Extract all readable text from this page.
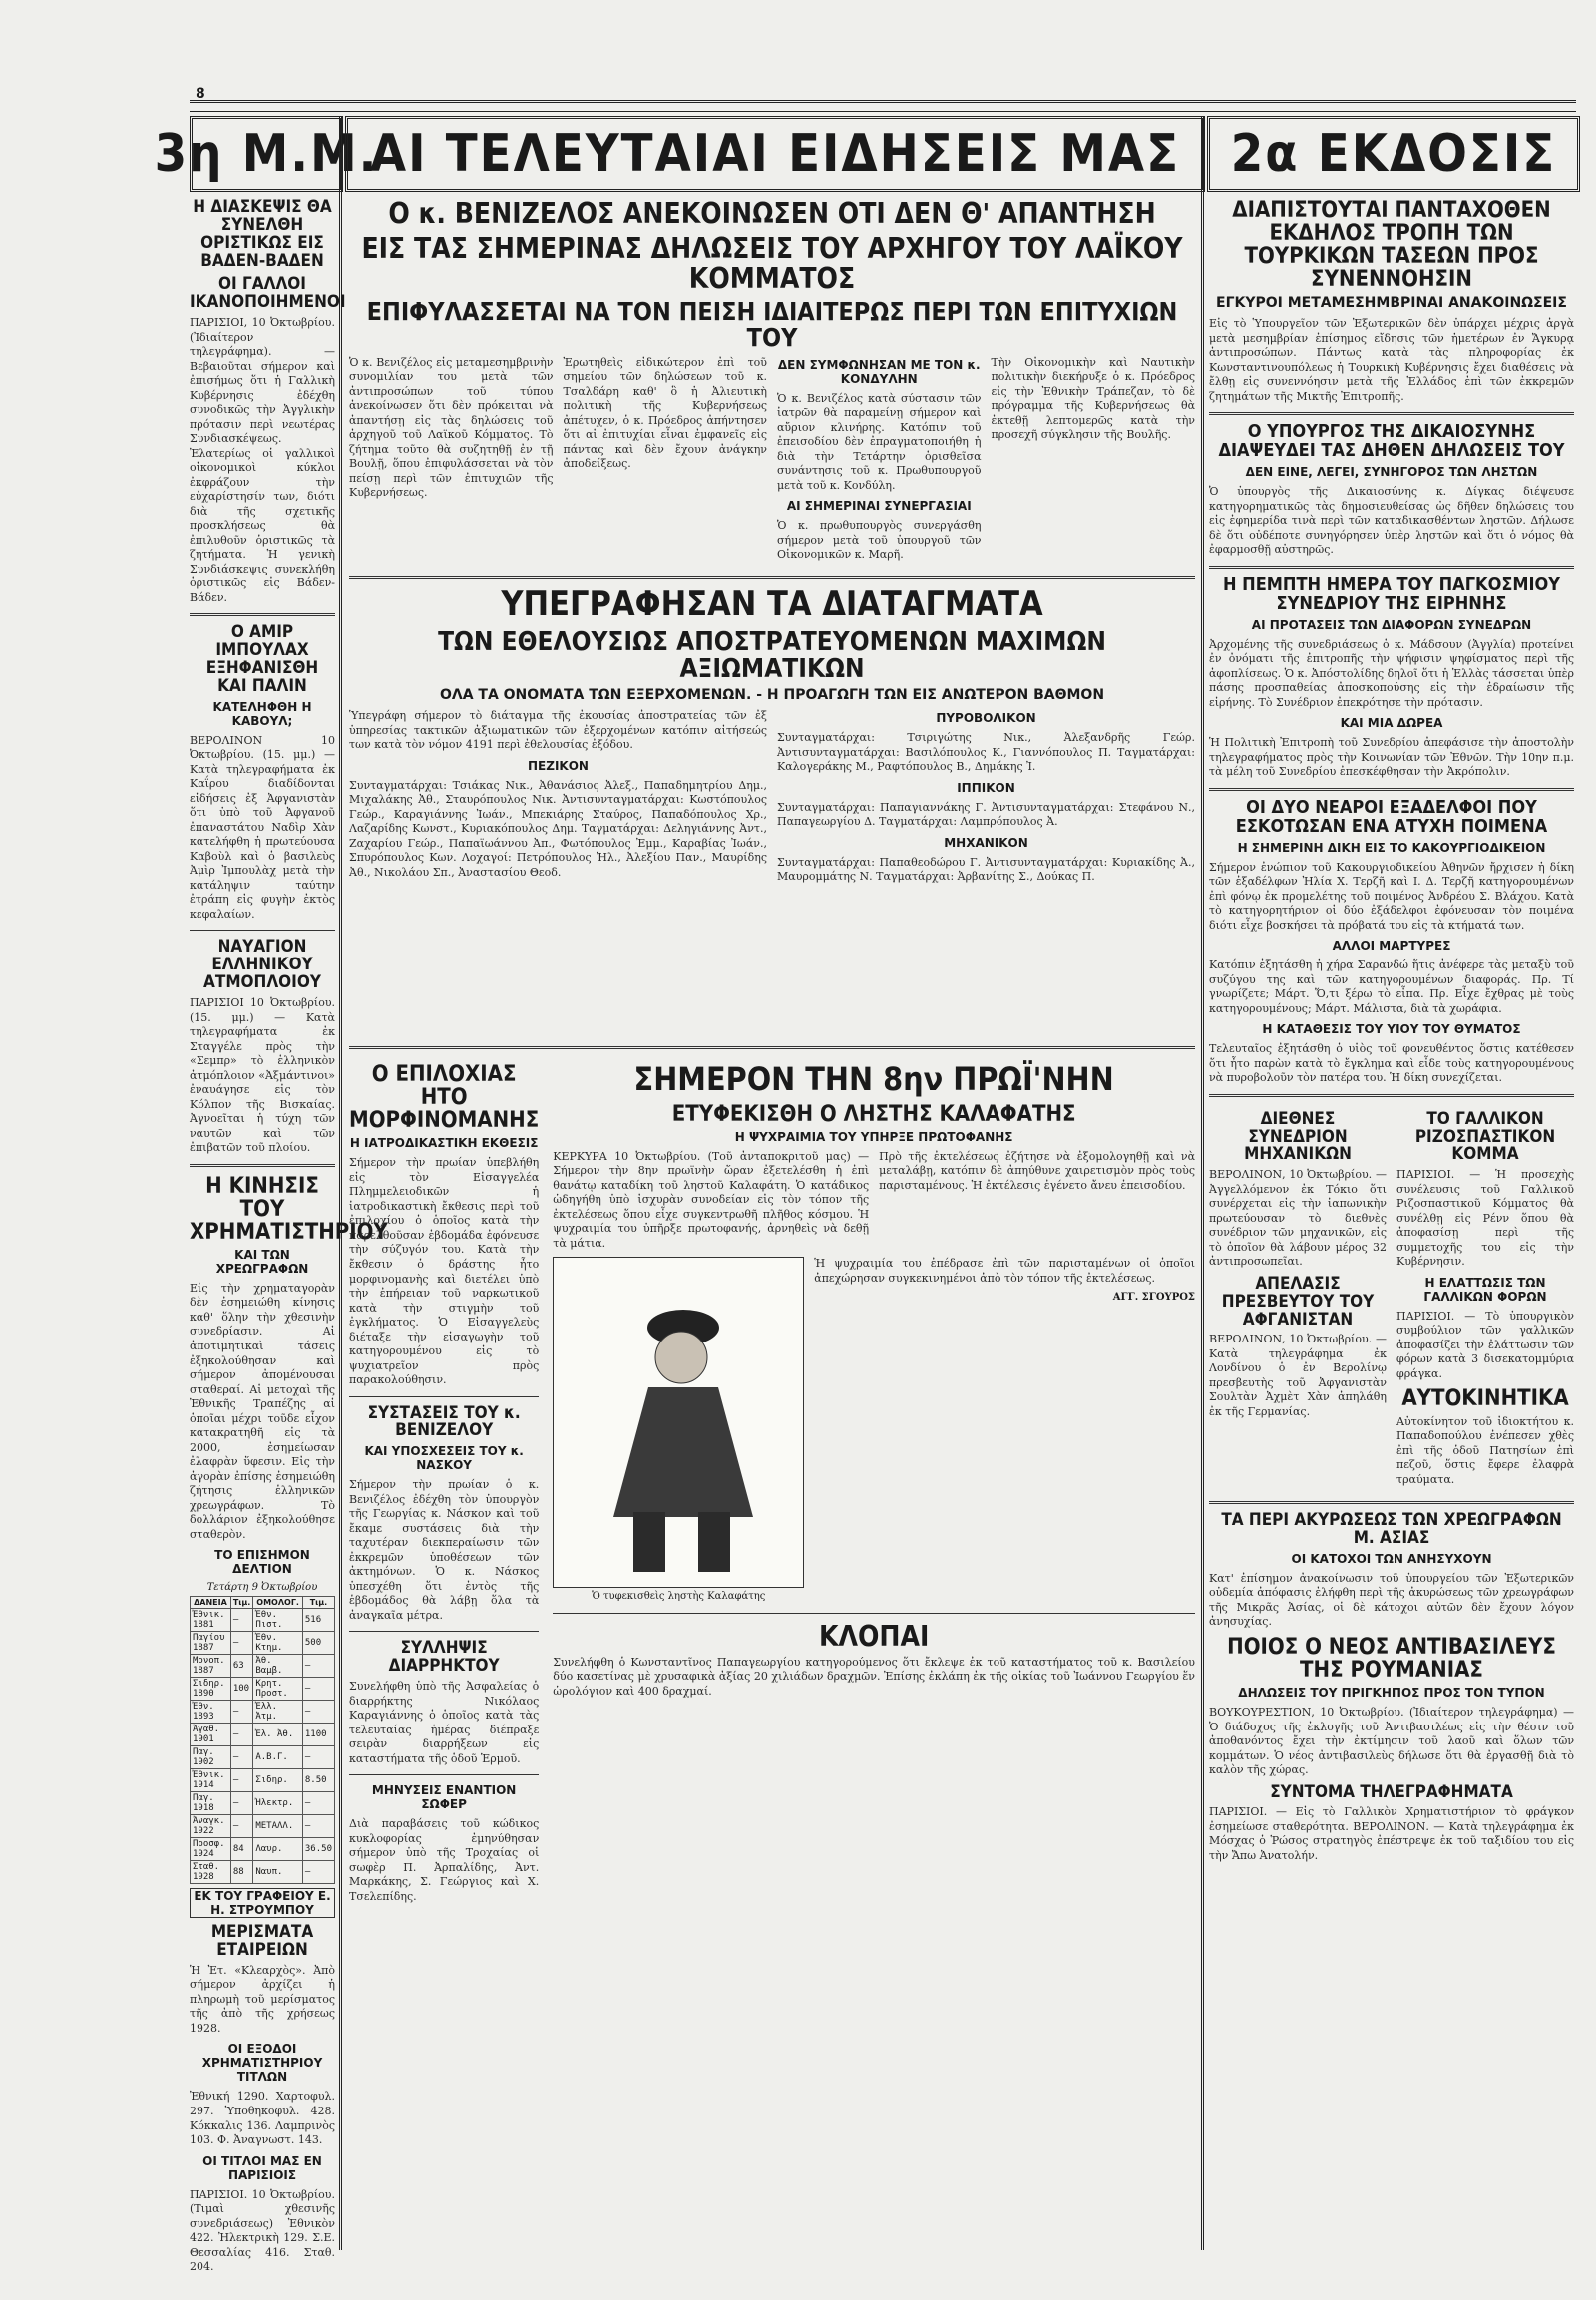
8
3η Μ.Μ.
ΑΙ ΤΕΛΕΥΤΑΙΑΙ ΕΙΔΗΣΕΙΣ ΜΑΣ 2α ΕΚΔΟΣΙΣ
Η ΔΙΑΣΚΕΨΙΣ ΘΑ ΣΥΝΕΛΘΗ ΟΡΙΣΤΙΚΩΣ ΕΙΣ ΒΑΔΕΝ-ΒΑΔΕΝ
ΟΙ ΓΑΛΛΟΙ ΙΚΑΝΟΠΟΙΗΜΕΝΟΙ

ΠΑΡΙΣΙΟΙ, 10 Ὀκτωβρίου. (Ἰδιαίτερον τηλεγράφημα). — Βεβαιοῦται σήμερον καὶ ἐπισήμως ὅτι ἡ Γαλλικὴ Κυβέρνησις ἐδέχθη συνοδικῶς τὴν Ἀγγλικὴν πρότασιν περὶ νεωτέρας Συνδιασκέψεως. Ἐλατερίως οἱ γαλλικοὶ οἰκονομικοὶ κύκλοι ἐκφράζουν τὴν εὐχαρίστησίν των, διότι διὰ τῆς σχετικῆς προσκλήσεως θὰ ἐπιλυθοῦν ὁριστικῶς τὰ ζητήματα. Ἡ γενικὴ Συνδιάσκεψις συνεκλήθη ὁριστικῶς εἰς Βάδεν-Βάδεν.

Ο ΑΜΙΡ ΙΜΠΟΥΛΑΧ ΕΞΗΦΑΝΙΣΘΗ ΚΑΙ ΠΑΛΙΝ
ΚΑΤΕΛΗΦΘΗ Η ΚΑΒΟΥΛ;

ΒΕΡΟΛΙΝΟΝ 10 Ὀκτωβρίου. (15. μμ.) — Κατὰ τηλεγραφήματα ἐκ Καΐρου διαδίδονται εἰδήσεις ἐξ Ἀφγανιστὰν ὅτι ὑπὸ τοῦ Ἀφγανοῦ ἐπαναστάτου Ναδὶρ Χὰν κατελήφθη ἡ πρωτεύουσα Καβοὺλ καὶ ὁ βασιλεὺς Ἀμὶρ Ἰμπουλὰχ μετὰ τὴν κατάληψιν ταύτην ἐτράπη εἰς φυγὴν ἐκτὸς κεφαλαίων.

ΝΑΥΑΓΙΟΝ ΕΛΛΗΝΙΚΟΥ ΑΤΜΟΠΛΟΙΟΥ

ΠΑΡΙΣΙΟΙ 10 Ὀκτωβρίου. (15. μμ.) — Κατὰ τηλεγραφήματα ἐκ Σταγγέλε πρὸς τὴν «Σεμπρ» τὸ ἑλληνικὸν ἀτμόπλοιον «Ἀξμάντινοι» ἐναυάγησε εἰς τὸν Κόλπον τῆς Βισκαίας. Ἀγνοεῖται ἡ τύχη τῶν ναυτῶν καὶ τῶν ἐπιβατῶν τοῦ πλοίου.

Η ΚΙΝΗΣΙΣ ΤΟΥ ΧΡΗΜΑΤΙΣΤΗΡΙΟΥ
ΚΑΙ ΤΩΝ ΧΡΕΩΓΡΑΦΩΝ

Εἰς τὴν χρηματαγορὰν δὲν ἐσημειώθη κίνησις καθ' ὅλην τὴν χθεσινὴν συνεδρίασιν. Αἱ ἀποτιμητικαὶ τάσεις ἐξηκολούθησαν καὶ σήμερον ἀπομένουσαι σταθεραί. Αἱ μετοχαὶ τῆς Ἐθνικῆς Τραπέζης αἱ ὁποῖαι μέχρι τοῦδε εἶχον κατακρατηθῆ εἰς τὰ 2000, ἐσημείωσαν ἐλαφρὰν ὕφεσιν. Εἰς τὴν ἀγορὰν ἐπίσης ἐσημειώθη ζήτησις ἑλληνικῶν χρεωγράφων. Τὸ δολλάριον ἐξηκολούθησε σταθερὸν.

ΤΟ ΕΠΙΣΗΜΟΝ ΔΕΛΤΙΟΝ
Τετάρτη 9 Ὀκτωβρίου
ΔΑΝΕΙΑ	Τιμ.	ΟΜΟΛΟΓ.	Τιμ.
Ἐθνικ. 1881	—	Ἐθν. Πιστ.	516
Παγίου 1887	—	Ἐθν. Κτημ.	500
Μονοπ. 1887	63	Ἀθ. Βαμβ.	—
Σιδηρ. 1890	100	Κρητ. Προστ.	—
Ἐθν. 1893	—	Ἐλλ. Ἀτμ.	—
Ἀγαθ. 1901	—	Ἐλ. Ἀθ.	1100
Παγ. 1902	—	Α.Β.Γ.	—
Ἐθνικ. 1914	—	Σιδηρ.	8.50
Παγ. 1918	—	Ἠλεκτρ.	—
Ἀναγκ. 1922	—	ΜΕΤΑΛΛ.	—
Προσφ. 1924	84	Λαυρ.	36.50
Σταθ. 1928	88	Ναυπ.	—
ΕΚ ΤΟΥ ΓΡΑΦΕΙΟΥ Ε. Η. ΣΤΡΟΥΜΠΟΥ
ΜΕΡΙΣΜΑΤΑ ΕΤΑΙΡΕΙΩΝ

Ἡ Ἐτ. «Κλεαρχὸς». Ἀπὸ σήμερον ἀρχίζει ἡ πληρωμὴ τοῦ μερίσματος τῆς ἀπὸ τῆς χρήσεως 1928.

ΟΙ ΕΞΟΔΟΙ ΧΡΗΜΑΤΙΣΤΗΡΙΟΥ ΤΙΤΛΩΝ

Ἐθνική 1290. Χαρτοφυλ. 297. Ὑποθηκοφυλ. 428. Κόκκαλις 136. Λαμπρινὸς 103. Φ. Ἀναγνωστ. 143.

ΟΙ ΤΙΤΛΟΙ ΜΑΣ ΕΝ ΠΑΡΙΣΙΟΙΣ

ΠΑΡΙΣΙΟΙ. 10 Ὀκτωβρίου. (Τιμαὶ χθεσινῆς συνεδριάσεως) Ἐθνικὸν 422. Ἠλεκτρικὴ 129. Σ.Ε. Θεσσαλίας 416. Σταθ. 204.

Ο κ. ΒΕΝΙΖΕΛΟΣ ΑΝΕΚΟΙΝΩΣΕΝ ΟΤΙ ΔΕΝ Θ' ΑΠΑΝΤΗΣΗ
ΕΙΣ ΤΑΣ ΣΗΜΕΡΙΝΑΣ ΔΗΛΩΣΕΙΣ ΤΟΥ ΑΡΧΗΓΟΥ ΤΟΥ ΛΑΪΚΟΥ ΚΟΜΜΑΤΟΣ
ΕΠΙΦΥΛΑΣΣΕΤΑΙ ΝΑ ΤΟΝ ΠΕΙΣΗ ΙΔΙΑΙΤΕΡΩΣ ΠΕΡΙ ΤΩΝ ΕΠΙΤΥΧΙΩΝ ΤΟΥ

Ὁ κ. Βενιζέλος εἰς μεταμεσημβρινὴν συνομιλίαν του μετὰ τῶν ἀντιπροσώπων τοῦ τύπου ἀνεκοίνωσεν ὅτι δὲν πρόκειται νὰ ἀπαντήσῃ εἰς τὰς δηλώσεις τοῦ ἀρχηγοῦ τοῦ Λαϊκοῦ Κόμματος. Τὸ ζήτημα τοῦτο θὰ συζητηθῇ ἐν τῇ Βουλῇ, ὅπου ἐπιφυλάσσεται νὰ τὸν πείσῃ περὶ τῶν ἐπιτυχιῶν τῆς Κυβερνήσεως.

Ἐρωτηθεὶς εἰδικώτερον ἐπὶ τοῦ σημείου τῶν δηλώσεων τοῦ κ. Τσαλδάρη καθ' ὃ ἡ Ἀλιευτικὴ πολιτικὴ τῆς Κυβερνήσεως ἀπέτυχεν, ὁ κ. Πρόεδρος ἀπήντησεν ὅτι αἱ ἐπιτυχίαι εἶναι ἐμφανεῖς εἰς πάντας καὶ δὲν ἔχουν ἀνάγκην ἀποδείξεως.

ΔΕΝ ΣΥΜΦΩΝΗΣΑΝ ΜΕ ΤΟΝ κ. ΚΟΝΔΥΛΗΝ

Ὁ κ. Βενιζέλος κατὰ σύστασιν τῶν ἰατρῶν θὰ παραμείνῃ σήμερον καὶ αὔριον κλινήρης. Κατόπιν τοῦ ἐπεισοδίου δὲν ἐπραγματοποιήθη ἡ διὰ τὴν Τετάρτην ὁρισθεῖσα συνάντησις τοῦ κ. Πρωθυπουργοῦ μετὰ τοῦ κ. Κονδύλη.

ΑΙ ΣΗΜΕΡΙΝΑΙ ΣΥΝΕΡΓΑΣΙΑΙ

Ὁ κ. πρωθυπουργὸς συνεργάσθη σήμερον μετὰ τοῦ ὑπουργοῦ τῶν Οἰκονομικῶν κ. Μαρῆ.

Τὴν Οἰκονομικὴν καὶ Ναυτικὴν πολιτικὴν διεκήρυξε ὁ κ. Πρόεδρος εἰς τὴν Ἐθνικὴν Τράπεζαν, τὸ δὲ πρόγραμμα τῆς Κυβερνήσεως θὰ ἐκτεθῇ λεπτομερῶς κατὰ τὴν προσεχῆ σύγκλησιν τῆς Βουλῆς.

ΥΠΕΓΡΑΦΗΣΑΝ ΤΑ ΔΙΑΤΑΓΜΑΤΑ
ΤΩΝ ΕΘΕΛΟΥΣΙΩΣ ΑΠΟΣΤΡΑΤΕΥΟΜΕΝΩΝ ΜΑΧΙΜΩΝ ΑΞΙΩΜΑΤΙΚΩΝ
ΟΛΑ ΤΑ ΟΝΟΜΑΤΑ ΤΩΝ ΕΞΕΡΧΟΜΕΝΩΝ. - Η ΠΡΟΑΓΩΓΗ ΤΩΝ ΕΙΣ ΑΝΩΤΕΡΟΝ ΒΑΘΜΟΝ

Ὑπεγράφη σήμερον τὸ διάταγμα τῆς ἐκουσίας ἀποστρατείας τῶν ἐξ ὑπηρεσίας τακτικῶν ἀξιωματικῶν τῶν ἐξερχομένων κατόπιν αἰτήσεώς των κατὰ τὸν νόμον 4191 περὶ ἐθελουσίας ἐξόδου.

ΠΕΖΙΚΟΝ

Συνταγματάρχαι: Τσιάκας Νικ., Ἀθανάσιος Ἀλεξ., Παπαδημητρίου Δημ., Μιχαλάκης Ἀθ., Σταυρόπουλος Νικ. Ἀντισυνταγματάρχαι: Κωστόπουλος Γεώρ., Καραγιάννης Ἰωάν., Μπεκιάρης Σταύρος, Παπαδόπουλος Χρ., Λαζαρίδης Κωνστ., Κυριακόπουλος Δημ. Ταγματάρχαι: Δεληγιάννης Ἀντ., Ζαχαρίου Γεώρ., Παπαϊωάννου Ἀπ., Φωτόπουλος Ἐμμ., Καραβίας Ἰωάν., Σπυρόπουλος Κων. Λοχαγοί: Πετρόπουλος Ἠλ., Ἀλεξίου Παν., Μαυρίδης Ἀθ., Νικολάου Σπ., Ἀναστασίου Θεοδ.

ΠΥΡΟΒΟΛΙΚΟΝ

Συνταγματάρχαι: Τσιριγώτης Νικ., Ἀλεξανδρῆς Γεώρ. Ἀντισυνταγματάρχαι: Βασιλόπουλος Κ., Γιαννόπουλος Π. Ταγματάρχαι: Καλογεράκης Μ., Ραφτόπουλος Β., Δημάκης Ἰ.

ΙΠΠΙΚΟΝ

Συνταγματάρχαι: Παπαγιαννάκης Γ. Ἀντισυνταγματάρχαι: Στεφάνου Ν., Παπαγεωργίου Δ. Ταγματάρχαι: Λαμπρόπουλος Ἀ.

ΜΗΧΑΝΙΚΟΝ

Συνταγματάρχαι: Παπαθεοδώρου Γ. Ἀντισυνταγματάρχαι: Κυριακίδης Ἀ., Μαυρομμάτης Ν. Ταγματάρχαι: Ἀρβανίτης Σ., Δούκας Π.

Ο ΕΠΙΛΟΧΙΑΣ ΗΤΟ ΜΟΡΦΙΝΟΜΑΝΗΣ
Η ΙΑΤΡΟΔΙΚΑΣΤΙΚΗ ΕΚΘΕΣΙΣ

Σήμερον τὴν πρωίαν ὑπεβλήθη εἰς τὸν Εἰσαγγελέα Πλημμελειοδικῶν ἡ ἰατροδικαστικὴ ἔκθεσις περὶ τοῦ ἐπιλοχίου ὁ ὁποῖος κατὰ τὴν παρελθοῦσαν ἑβδομάδα ἐφόνευσε τὴν σύζυγόν του. Κατὰ τὴν ἔκθεσιν ὁ δράστης ἦτο μορφινομανὴς καὶ διετέλει ὑπὸ τὴν ἐπήρειαν τοῦ ναρκωτικοῦ κατὰ τὴν στιγμὴν τοῦ ἐγκλήματος. Ὁ Εἰσαγγελεὺς διέταξε τὴν εἰσαγωγὴν τοῦ κατηγορουμένου εἰς τὸ ψυχιατρεῖον πρὸς παρακολούθησιν.

ΣΥΣΤΑΣΕΙΣ ΤΟΥ κ. ΒΕΝΙΖΕΛΟΥ
ΚΑΙ ΥΠΟΣΧΕΣΕΙΣ ΤΟΥ κ. ΝΑΣΚΟΥ

Σήμερον τὴν πρωίαν ὁ κ. Βενιζέλος ἐδέχθη τὸν ὑπουργὸν τῆς Γεωργίας κ. Νάσκον καὶ τοῦ ἔκαμε συστάσεις διὰ τὴν ταχυτέραν διεκπεραίωσιν τῶν ἐκκρεμῶν ὑποθέσεων τῶν ἀκτημόνων. Ὁ κ. Νάσκος ὑπεσχέθη ὅτι ἐντὸς τῆς ἑβδομάδος θὰ λάβῃ ὅλα τὰ ἀναγκαῖα μέτρα.

ΣΥΛΛΗΨΙΣ ΔΙΑΡΡΗΚΤΟΥ

Συνελήφθη ὑπὸ τῆς Ἀσφαλείας ὁ διαρρήκτης Νικόλαος Καραγιάννης ὁ ὁποῖος κατὰ τὰς τελευταίας ἡμέρας διέπραξε σειρὰν διαρρήξεων εἰς καταστήματα τῆς ὁδοῦ Ἑρμοῦ.

ΜΗΝΥΣΕΙΣ ΕΝΑΝΤΙΟΝ ΣΩΦΕΡ

Διὰ παραβάσεις τοῦ κώδικος κυκλοφορίας ἐμηνύθησαν σήμερον ὑπὸ τῆς Τροχαίας οἱ σωφὲρ Π. Ἀρπαλίδης, Ἀντ. Μαρκάκης, Σ. Γεώργιος καὶ Χ. Τσελεπίδης.

ΣΗΜΕΡΟΝ ΤΗΝ 8ην ΠΡΩΪ'ΝΗΝ
ΕΤΥΦΕΚΙΣΘΗ Ο ΛΗΣΤΗΣ ΚΑΛΑΦΑΤΗΣ
Η ΨΥΧΡΑΙΜΙΑ ΤΟΥ ΥΠΗΡΞΕ ΠΡΩΤΟΦΑΝΗΣ

ΚΕΡΚΥΡΑ 10 Ὀκτωβρίου. (Τοῦ ἀνταποκριτοῦ μας) — Σήμερον τὴν 8ην πρωϊνὴν ὥραν ἐξετελέσθη ἡ ἐπὶ θανάτῳ καταδίκη τοῦ ληστοῦ Καλαφάτη. Ὁ κατάδικος ὡδηγήθη ὑπὸ ἰσχυρὰν συνοδείαν εἰς τὸν τόπον τῆς ἐκτελέσεως ὅπου εἶχε συγκεντρωθῆ πλῆθος κόσμου. Ἡ ψυχραιμία του ὑπῆρξε πρωτοφανής, ἀρνηθεὶς νὰ δεθῇ τὰ μάτια.

Πρὸ τῆς ἐκτελέσεως ἐζήτησε νὰ ἐξομολογηθῇ καὶ νὰ μεταλάβῃ, κατόπιν δὲ ἀπηύθυνε χαιρετισμὸν πρὸς τοὺς παρισταμένους. Ἡ ἐκτέλεσις ἐγένετο ἄνευ ἐπεισοδίου.

Ὁ τυφεκισθεὶς ληστὴς Καλαφάτης

Ἡ ψυχραιμία του ἐπέδρασε ἐπὶ τῶν παρισταμένων οἱ ὁποῖοι ἀπεχώρησαν συγκεκινημένοι ἀπὸ τὸν τόπον τῆς ἐκτελέσεως.

ΑΓΓ. ΣΓΟΥΡΟΣ
ΚΛΟΠΑΙ

Συνελήφθη ὁ Κωνσταντῖνος Παπαγεωργίου κατηγορούμενος ὅτι ἔκλεψε ἐκ τοῦ καταστήματος τοῦ κ. Βασιλείου δύο κασετίνας μὲ χρυσαφικὰ ἀξίας 20 χιλιάδων δραχμῶν. Ἐπίσης ἐκλάπη ἐκ τῆς οἰκίας τοῦ Ἰωάννου Γεωργίου ἕν ὡρολόγιον καὶ 400 δραχμαί.

ΔΙΑΠΙΣΤΟΥΤΑΙ ΠΑΝΤΑΧΟΘΕΝ ΕΚΔΗΛΟΣ ΤΡΟΠΗ ΤΩΝ ΤΟΥΡΚΙΚΩΝ ΤΑΣΕΩΝ ΠΡΟΣ ΣΥΝΕΝΝΟΗΣΙΝ
ΕΓΚΥΡΟΙ ΜΕΤΑΜΕΣΗΜΒΡΙΝΑΙ ΑΝΑΚΟΙΝΩΣΕΙΣ

Εἰς τὸ Ὑπουργεῖον τῶν Ἐξωτερικῶν δὲν ὑπάρχει μέχρις ἀργὰ μετὰ μεσημβρίαν ἐπίσημος εἴδησις τῶν ἡμετέρων ἐν Ἄγκυρᾳ ἀντιπροσώπων. Πάντως κατὰ τὰς πληροφορίας ἐκ Κωνσταντινουπόλεως ἡ Τουρκικὴ Κυβέρνησις ἔχει διαθέσεις νὰ ἔλθῃ εἰς συνεννόησιν μετὰ τῆς Ἑλλάδος ἐπὶ τῶν ἐκκρεμῶν ζητημάτων τῆς Μικτῆς Ἐπιτροπῆς.

Ο ΥΠΟΥΡΓΟΣ ΤΗΣ ΔΙΚΑΙΟΣΥΝΗΣ ΔΙΑΨΕΥΔΕΙ ΤΑΣ ΔΗΘΕΝ ΔΗΛΩΣΕΙΣ ΤΟΥ
ΔΕΝ ΕΙΝΕ, ΛΕΓΕΙ, ΣΥΝΗΓΟΡΟΣ ΤΩΝ ΛΗΣΤΩΝ

Ὁ ὑπουργὸς τῆς Δικαιοσύνης κ. Δίγκας διέψευσε κατηγορηματικῶς τὰς δημοσιευθείσας ὡς δῆθεν δηλώσεις του εἰς ἐφημερίδα τινὰ περὶ τῶν καταδικασθέντων ληστῶν. Δήλωσε δὲ ὅτι οὐδέποτε συνηγόρησεν ὑπὲρ ληστῶν καὶ ὅτι ὁ νόμος θὰ ἐφαρμοσθῇ αὐστηρῶς.

Η ΠΕΜΠΤΗ ΗΜΕΡΑ ΤΟΥ ΠΑΓΚΟΣΜΙΟΥ ΣΥΝΕΔΡΙΟΥ ΤΗΣ ΕΙΡΗΝΗΣ
ΑΙ ΠΡΟΤΑΣΕΙΣ ΤΩΝ ΔΙΑΦΟΡΩΝ ΣΥΝΕΔΡΩΝ

Ἀρχομένης τῆς συνεδριάσεως ὁ κ. Μάδσουν (Ἀγγλία) προτείνει ἐν ὀνόματι τῆς ἐπιτροπῆς τὴν ψήφισιν ψηφίσματος περὶ τῆς ἀφοπλίσεως. Ὁ κ. Ἀπόστολίδης δηλοῖ ὅτι ἡ Ἑλλὰς τάσσεται ὑπὲρ πάσης προσπαθείας ἀποσκοπούσης εἰς τὴν ἐδραίωσιν τῆς εἰρήνης. Τὸ Συνέδριον ἐπεκρότησε τὴν πρότασιν.

ΚΑΙ ΜΙΑ ΔΩΡΕΑ

Ἡ Πολιτικὴ Ἐπιτροπὴ τοῦ Συνεδρίου ἀπεφάσισε τὴν ἀποστολὴν τηλεγραφήματος πρὸς τὴν Κοινωνίαν τῶν Ἐθνῶν. Τὴν 10ην π.μ. τὰ μέλη τοῦ Συνεδρίου ἐπεσκέφθησαν τὴν Ἀκρόπολιν.

ΟΙ ΔΥΟ ΝΕΑΡΟΙ ΕΞΑΔΕΛΦΟΙ ΠΟΥ ΕΣΚΟΤΩΣΑΝ ΕΝΑ ΑΤΥΧΗ ΠΟΙΜΕΝΑ
Η ΣΗΜΕΡΙΝΗ ΔΙΚΗ ΕΙΣ ΤΟ ΚΑΚΟΥΡΓΙΟΔΙΚΕΙΟΝ

Σήμερον ἐνώπιον τοῦ Κακουργιοδικείου Ἀθηνῶν ἤρχισεν ἡ δίκη τῶν ἐξαδέλφων Ἠλία Χ. Τερζῆ καὶ Ι. Δ. Τερζῆ κατηγορουμένων ἐπὶ φόνῳ ἐκ προμελέτης τοῦ ποιμένος Ἀνδρέου Σ. Βλάχου. Κατὰ τὸ κατηγορητήριον οἱ δύο ἐξάδελφοι ἐφόνευσαν τὸν ποιμένα διότι εἶχε βοσκήσει τὰ πρόβατά του εἰς τὰ κτήματά των.

ΑΛΛΟΙ ΜΑΡΤΥΡΕΣ

Κατόπιν ἐξητάσθη ἡ χήρα Σαρανδώ ἥτις ἀνέφερε τὰς μεταξὺ τοῦ συζύγου της καὶ τῶν κατηγορουμένων διαφοράς. Πρ. Τί γνωρίζετε; Μάρτ. Ὅ,τι ξέρω τὸ εἶπα. Πρ. Εἶχε ἔχθρας μὲ τοὺς κατηγορουμένους; Μάρτ. Μάλιστα, διὰ τὰ χωράφια.

Η ΚΑΤΑΘΕΣΙΣ ΤΟΥ ΥΙΟΥ ΤΟΥ ΘΥΜΑΤΟΣ

Τελευταῖος ἐξητάσθη ὁ υἱὸς τοῦ φονευθέντος ὅστις κατέθεσεν ὅτι ἦτο παρὼν κατὰ τὸ ἔγκλημα καὶ εἶδε τοὺς κατηγορουμένους νὰ πυροβολοῦν τὸν πατέρα του. Ἡ δίκη συνεχίζεται.

ΔΙΕΘΝΕΣ ΣΥΝΕΔΡΙΟΝ ΜΗΧΑΝΙΚΩΝ

ΒΕΡΟΛΙΝΟΝ, 10 Ὀκτωβρίου. — Ἀγγελλόμενον ἐκ Τόκιο ὅτι συνέρχεται εἰς τὴν ἰαπωνικὴν πρωτεύουσαν τὸ διεθνὲς συνέδριον τῶν μηχανικῶν, εἰς τὸ ὁποῖον θὰ λάβουν μέρος 32 ἀντιπροσωπεῖαι.

ΑΠΕΛΑΣΙΣ ΠΡΕΣΒΕΥΤΟΥ ΤΟΥ ΑΦΓΑΝΙΣΤΑΝ

ΒΕΡΟΛΙΝΟΝ, 10 Ὀκτωβρίου. — Κατὰ τηλεγράφημα ἐκ Λονδίνου ὁ ἐν Βερολίνῳ πρεσβευτὴς τοῦ Ἀφγανιστὰν Σουλτὰν Ἀχμὲτ Χὰν ἀπηλάθη ἐκ τῆς Γερμανίας.

ΤΟ ΓΑΛΛΙΚΟΝ ΡΙΖΟΣΠΑΣΤΙΚΟΝ ΚΟΜΜΑ

ΠΑΡΙΣΙΟΙ. — Ἡ προσεχὴς συνέλευσις τοῦ Γαλλικοῦ Ριζοσπαστικοῦ Κόμματος θὰ συνέλθῃ εἰς Ρένν ὅπου θὰ ἀποφασίσῃ περὶ τῆς συμμετοχῆς του εἰς τὴν Κυβέρνησιν.

Η ΕΛΑΤΤΩΣΙΣ ΤΩΝ ΓΑΛΛΙΚΩΝ ΦΟΡΩΝ

ΠΑΡΙΣΙΟΙ. — Τὸ ὑπουργικὸν συμβούλιον τῶν γαλλικῶν ἀποφασίζει τὴν ἐλάττωσιν τῶν φόρων κατὰ 3 δισεκατομμύρια φράγκα.

ΑΥΤΟΚΙΝΗΤΙΚΑ

Αὐτοκίνητον τοῦ ἰδιοκτήτου κ. Παπαδοπούλου ἐνέπεσεν χθὲς ἐπὶ τῆς ὁδοῦ Πατησίων ἐπὶ πεζοῦ, ὅστις ἔφερε ἐλαφρὰ τραύματα.

ΤΑ ΠΕΡΙ ΑΚΥΡΩΣΕΩΣ ΤΩΝ ΧΡΕΩΓΡΑΦΩΝ Μ. ΑΣΙΑΣ
ΟΙ ΚΑΤΟΧΟΙ ΤΩΝ ΑΝΗΣΥΧΟΥΝ

Κατ' ἐπίσημον ἀνακοίνωσιν τοῦ ὑπουργείου τῶν Ἐξωτερικῶν οὐδεμία ἀπόφασις ἐλήφθη περὶ τῆς ἀκυρώσεως τῶν χρεωγράφων τῆς Μικρᾶς Ἀσίας, οἱ δὲ κάτοχοι αὐτῶν δὲν ἔχουν λόγον ἀνησυχίας.

ΠΟΙΟΣ Ο ΝΕΟΣ ΑΝΤΙΒΑΣΙΛΕΥΣ ΤΗΣ ΡΟΥΜΑΝΙΑΣ
ΔΗΛΩΣΕΙΣ ΤΟΥ ΠΡΙΓΚΗΠΟΣ ΠΡΟΣ ΤΟΝ ΤΥΠΟΝ

ΒΟΥΚΟΥΡΕΣΤΙΟΝ, 10 Ὀκτωβρίου. (Ἰδιαίτερον τηλεγράφημα) — Ὁ διάδοχος τῆς ἐκλογῆς τοῦ Ἀντιβασιλέως εἰς τὴν θέσιν τοῦ ἀποθανόντος ἔχει τὴν ἐκτίμησιν τοῦ λαοῦ καὶ ὅλων τῶν κομμάτων. Ὁ νέος ἀντιβασιλεὺς δήλωσε ὅτι θὰ ἐργασθῇ διὰ τὸ καλὸν τῆς χώρας.

ΣΥΝΤΟΜΑ ΤΗΛΕΓΡΑΦΗΜΑΤΑ

ΠΑΡΙΣΙΟΙ. — Εἰς τὸ Γαλλικὸν Χρηματιστήριον τὸ φράγκον ἐσημείωσε σταθερότητα. ΒΕΡΟΛΙΝΟΝ. — Κατὰ τηλεγράφημα ἐκ Μόσχας ὁ Ῥώσος στρατηγὸς ἐπέστρεψε ἐκ τοῦ ταξιδίου του εἰς τὴν Ἄπω Ἀνατολήν.
